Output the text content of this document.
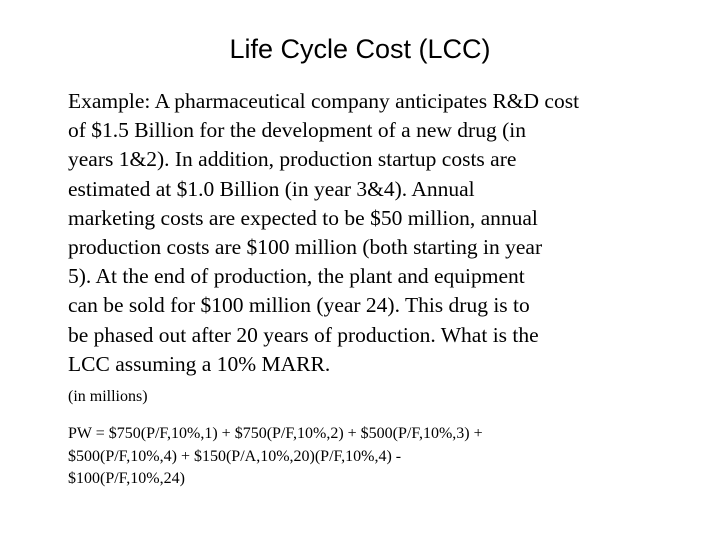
Life Cycle Cost (LCC)
Example: A pharmaceutical company anticipates R&D cost
of $1.5 Billion for the development of a new drug (in
years 1&2). In addition, production startup costs are
estimated at $1.0 Billion (in year 3&4). Annual
marketing costs are expected to be $50 million, annual
production costs are $100 million (both starting in year
5). At the end of production, the plant and equipment
can be sold for $100 million (year 24). This drug is to
be phased out after 20 years of production. What is the
LCC assuming a 10% MARR.
(in millions)
PW = $750(P/F,10%,1) + $750(P/F,10%,2) + $500(P/F,10%,3) +
$500(P/F,10%,4) + $150(P/A,10%,20)(P/F,10%,4) -
$100(P/F,10%,24)
